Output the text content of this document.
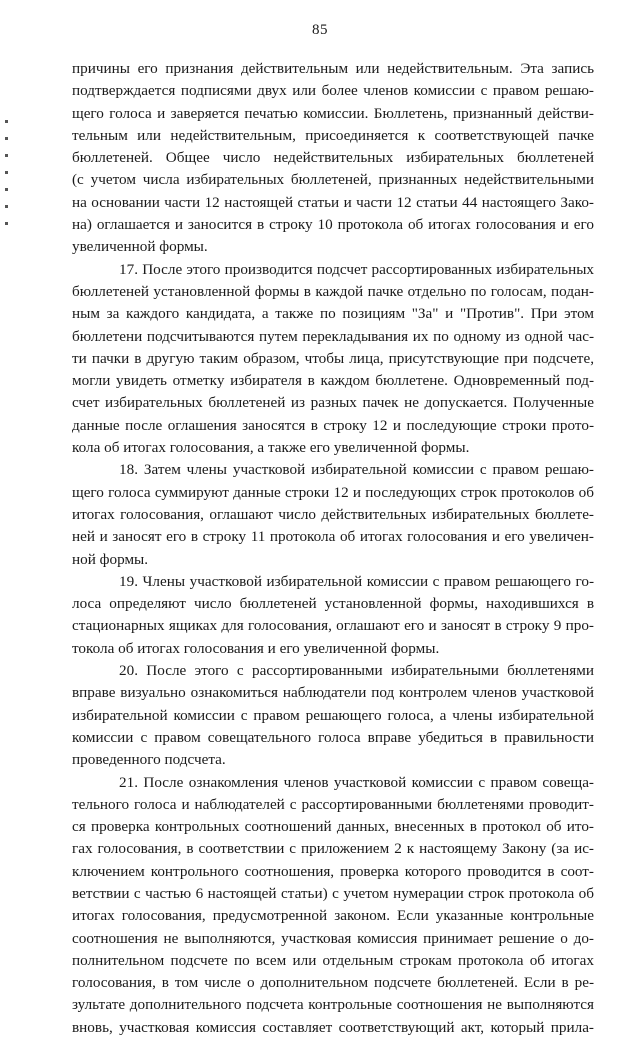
85
причины его признания действительным или недействительным. Эта запись
подтверждается подписями двух или более членов комиссии с правом решаю-
щего голоса и заверяется печатью комиссии. Бюллетень, признанный действи-
тельным или недействительным, присоединяется к соответствующей пачке
бюллетеней. Общее число недействительных избирательных бюллетеней
(с учетом числа избирательных бюллетеней, признанных недействительными
на основании части 12 настоящей статьи и части 12 статьи 44 настоящего Зако-
на) оглашается и заносится в строку 10 протокола об итогах голосования и его
увеличенной формы.
17. После этого производится подсчет рассортированных избирательных
бюллетеней установленной формы в каждой пачке отдельно по голосам, подан-
ным за каждого кандидата, а также по позициям "За" и "Против". При этом
бюллетени подсчитываются путем перекладывания их по одному из одной час-
ти пачки в другую таким образом, чтобы лица, присутствующие при подсчете,
могли увидеть отметку избирателя в каждом бюллетене. Одновременный под-
счет избирательных бюллетеней из разных пачек не допускается. Полученные
данные после оглашения заносятся в строку 12 и последующие строки прото-
кола об итогах голосования, а также его увеличенной формы.
18. Затем члены участковой избирательной комиссии с правом решаю-
щего голоса суммируют данные строки 12 и последующих строк протоколов об
итогах голосования, оглашают число действительных избирательных бюллете-
ней и заносят его в строку 11 протокола об итогах голосования и его увеличен-
ной формы.
19. Члены участковой избирательной комиссии с правом решающего го-
лоса определяют число бюллетеней установленной формы, находившихся в
стационарных ящиках для голосования, оглашают его и заносят в строку 9 про-
токола об итогах голосования и его увеличенной формы.
20. После этого с рассортированными избирательными бюллетенями
вправе визуально ознакомиться наблюдатели под контролем членов участковой
избирательной комиссии с правом решающего голоса, а члены избирательной
комиссии с правом совещательного голоса вправе убедиться в правильности
проведенного подсчета.
21. После ознакомления членов участковой комиссии с правом совеща-
тельного голоса и наблюдателей с рассортированными бюллетенями проводит-
ся проверка контрольных соотношений данных, внесенных в протокол об ито-
гах голосования, в соответствии с приложением 2 к настоящему Закону (за ис-
ключением контрольного соотношения, проверка которого проводится в соот-
ветствии с частью 6 настоящей статьи) с учетом нумерации строк протокола об
итогах голосования, предусмотренной законом. Если указанные контрольные
соотношения не выполняются, участковая комиссия принимает решение о до-
полнительном подсчете по всем или отдельным строкам протокола об итогах
голосования, в том числе о дополнительном подсчете бюллетеней. Если в ре-
зультате дополнительного подсчета контрольные соотношения не выполняются
вновь, участковая комиссия составляет соответствующий акт, который прила-
